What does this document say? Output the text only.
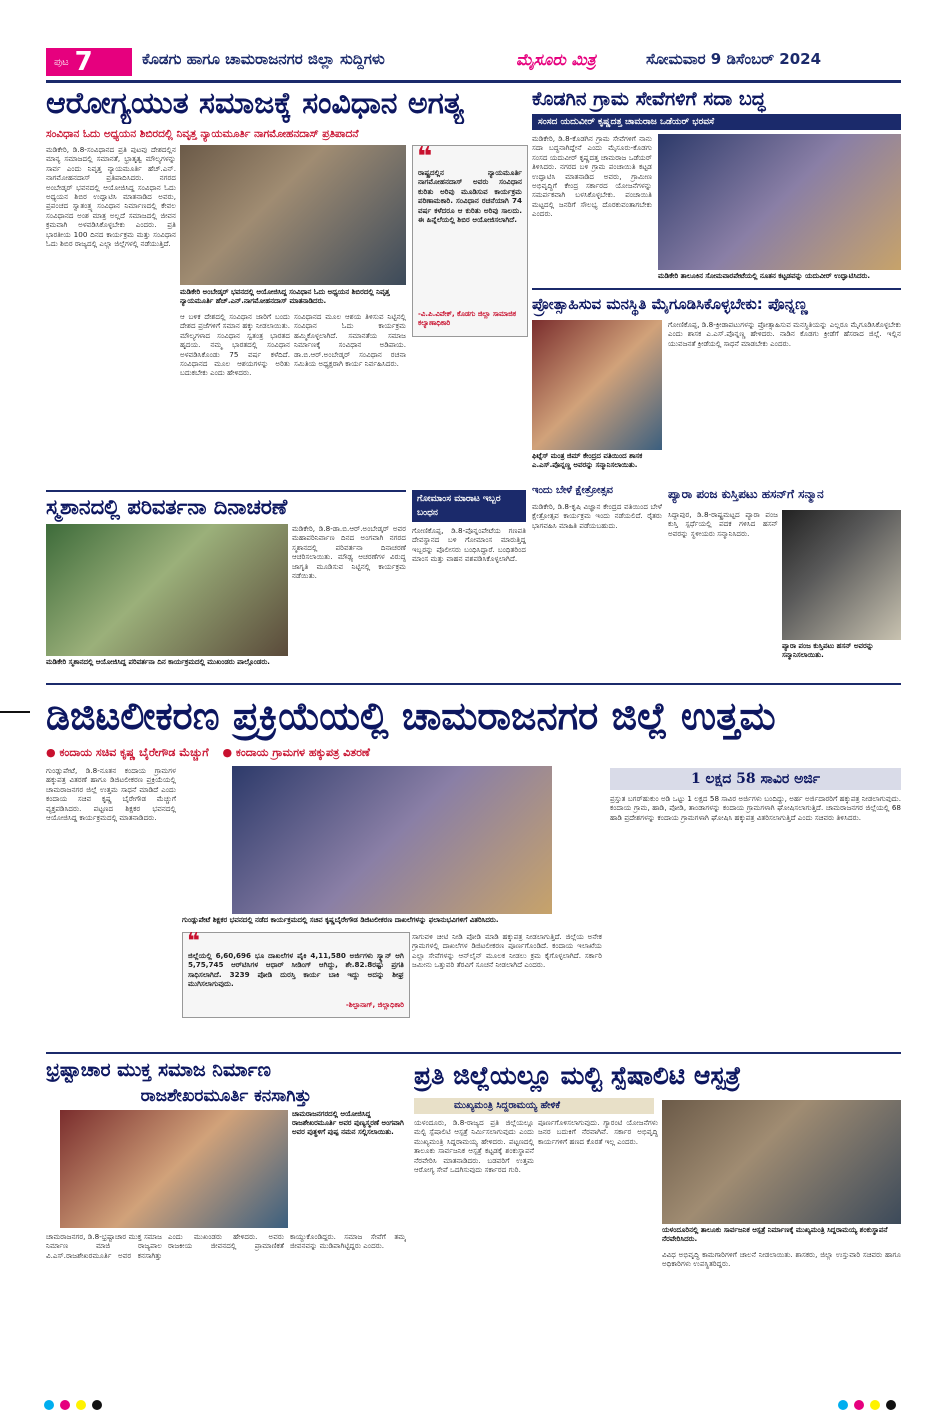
ಪುಟ 7	ಕೊಡಗು ಹಾಗೂ ಚಾಮರಾಜನಗರ ಜಿಲ್ಲಾ ಸುದ್ದಿಗಳು	ಮೈಸೂರು ಮಿತ್ರ	ಸೋಮವಾರ 9 ಡಿಸೆಂಬರ್ 2024
ಆರೋಗ್ಯಯುತ ಸಮಾಜಕ್ಕೆ ಸಂವಿಧಾನ ಅಗತ್ಯ
ಸಂವಿಧಾನ ಓದು ಅಧ್ಯಯನ ಶಿಬಿರದಲ್ಲಿ ನಿವೃತ್ತ ನ್ಯಾಯಮೂರ್ತಿ ನಾಗಮೋಹನದಾಸ್ ಪ್ರತಿಪಾದನೆ
ಮಡಿಕೇರಿ, ಡಿ.8-ಸಂವಿಧಾನದ ಪ್ರತಿ ಪುಟವು ದೇಶದಲ್ಲಿನ ಮಾನ್ಯ ಸಮಾಜದಲ್ಲಿ ಸಮಾನತೆ, ಭ್ರಾತೃತ್ವ ಮೌಲ್ಯಗಳನ್ನು ಸಾರ್ವ ಎಂದು ನಿವೃತ್ತ ನ್ಯಾಯಮೂರ್ತಿ ಹೆಚ್.ಎನ್. ನಾಗಮೋಹನದಾಸ್ ಪ್ರತಿಪಾದಿಸಿದರು. ನಗರದ ಅಂಬೇಡ್ಕರ್ ಭವನದಲ್ಲಿ ಆಯೋಜಿಸಿದ್ದ ಸಂವಿಧಾನ ಓದು ಅಧ್ಯಯನ ಶಿಬಿರ ಉದ್ಘಾಟಿಸಿ ಮಾತನಾಡಿದ ಅವರು, ಪ್ರಪಂಚದ ಸ್ವಾತಂತ್ರ್ಯ ಸಂವಿಧಾನ ನಿರ್ಮಾಣದಲ್ಲಿ ಕೇವಲ ಸಂವಿಧಾನದ ಅಂಶ ಮಾತ್ರ ಅಲ್ಲದೆ ಸಮಾಜದಲ್ಲಿ ಜೀವನ ಕ್ರಮವಾಗಿ ಅಳವಡಿಸಿಕೊಳ್ಳಬೇಕು ಎಂದರು. ಪ್ರತಿ ಭಾರತೀಯ 100 ದಿನದ ಕಾರ್ಯಕ್ರಮ ಮತ್ತು ಸಂವಿಧಾನ ಓದು ಶಿಬಿರ ರಾಜ್ಯದಲ್ಲಿ ಎಲ್ಲಾ ಜಿಲ್ಲೆಗಳಲ್ಲಿ ನಡೆಯುತ್ತಿದೆ.
ಮಡಿಕೇರಿ ಅಂಬೇಡ್ಕರ್ ಭವನದಲ್ಲಿ ಆಯೋಜಿಸಿದ್ದ ಸಂವಿಧಾನ ಓದು ಅಧ್ಯಯನ ಶಿಬಿರದಲ್ಲಿ ನಿವೃತ್ತ ನ್ಯಾಯಮೂರ್ತಿ ಹೆಚ್.ಎನ್.ನಾಗಮೋಹನದಾಸ್ ಮಾತನಾಡಿದರು.
ಆ ಬಳಿಕ ದೇಶದಲ್ಲಿ ಸಂವಿಧಾನ ಜಾರಿಗೆ ಬಂದು ದೇಶದ ಪ್ರಜೆಗಳಿಗೆ ಸಮಾನ ಹಕ್ಕು ನೀಡಲಾಯಿತು. ಮೌಲ್ಯಗಳಾದ ಸಂವಿಧಾನ ಸ್ವತಂತ್ರ ಭಾರತದ ಹೃದಯ. ನಮ್ಮ ಭಾರತದಲ್ಲಿ ಸಂವಿಧಾನ ಅಳವಡಿಸಿಕೊಂಡು 75 ವರ್ಷ ಕಳೆದಿದೆ. ಸಂವಿಧಾನದ ಮೂಲ ಆಶಯಗಳನ್ನು ಅರಿತು ಬದುಕಬೇಕು ಎಂದು ಹೇಳಿದರು.
ಸಂವಿಧಾನದ ಮೂಲ ಆಶಯ ತಿಳಿಸುವ ನಿಟ್ಟಿನಲ್ಲಿ ಸಂವಿಧಾನ ಓದು ಕಾರ್ಯಕ್ರಮ ಹಮ್ಮಿಕೊಳ್ಳಲಾಗಿದೆ. ಸಮಾನತೆಯ ಸಮಾಜ ನಿರ್ಮಾಣಕ್ಕೆ ಸಂವಿಧಾನ ಅಡಿಪಾಯ. ಡಾ.ಬಿ.ಆರ್.ಅಂಬೇಡ್ಕರ್ ಸಂವಿಧಾನ ರಚನಾ ಸಮಿತಿಯ ಅಧ್ಯಕ್ಷರಾಗಿ ಕಾರ್ಯ ನಿರ್ವಹಿಸಿದರು.
❝
ರಾಷ್ಟ್ರದಲ್ಲಿನ ನ್ಯಾಯಮೂರ್ತಿ ನಾಗಮೋಹನದಾಸ್ ಅವರು ಸಂವಿಧಾನ ಕುರಿತು ಅರಿವು ಮೂಡಿಸುವ ಕಾರ್ಯಕ್ರಮ ಪರಿಣಾಮಕಾರಿ. ಸಂವಿಧಾನ ರಚನೆಯಾಗಿ 74 ವರ್ಷ ಕಳೆದರೂ ಆ ಕುರಿತು ಅರಿವು ಸಾಲದು. ಈ ಹಿನ್ನೆಲೆಯಲ್ಲಿ ಶಿಬಿರ ಆಯೋಜಿಸಲಾಗಿದೆ.
-ವಿ.ಪಿ.ವಿವೇಕ್, ಕೊಡಗು ಜಿಲ್ಲಾ ಸಾಮಾಜಿಕ ಕಲ್ಯಾಣಾಧಿಕಾರಿ
ಕೊಡಗಿನ ಗ್ರಾಮ ಸೇವೆಗಳಿಗೆ ಸದಾ ಬದ್ಧ
ಸಂಸದ ಯದುವೀರ್ ಕೃಷ್ಣದತ್ತ ಚಾಮರಾಜ ಒಡೆಯರ್ ಭರವಸೆ
ಮಡಿಕೇರಿ, ಡಿ.8-ಕೊಡಗಿನ ಗ್ರಾಮ ಸೇವೆಗಳಿಗೆ ನಾನು ಸದಾ ಬದ್ಧನಾಗಿದ್ದೇನೆ ಎಂದು ಮೈಸೂರು-ಕೊಡಗು ಸಂಸದ ಯದುವೀರ್ ಕೃಷ್ಣದತ್ತ ಚಾಮರಾಜ ಒಡೆಯರ್ ತಿಳಿಸಿದರು. ನಗರದ ಬಳಿ ಗ್ರಾಮ ಪಂಚಾಯಿತಿ ಕಟ್ಟಡ ಉದ್ಘಾಟಿಸಿ ಮಾತನಾಡಿದ ಅವರು, ಗ್ರಾಮೀಣ ಅಭಿವೃದ್ಧಿಗೆ ಕೇಂದ್ರ ಸರ್ಕಾರದ ಯೋಜನೆಗಳನ್ನು ಸಮರ್ಪಕವಾಗಿ ಬಳಸಿಕೊಳ್ಳಬೇಕು. ಪಂಚಾಯಿತಿ ಮಟ್ಟದಲ್ಲಿ ಜನರಿಗೆ ಸೌಲಭ್ಯ ದೊರಕುವಂತಾಗಬೇಕು ಎಂದರು.
ಮಡಿಕೇರಿ ತಾಲೂಕಿನ ಸೋಮವಾರಪೇಟೆಯಲ್ಲಿ ನೂತನ ಕಟ್ಟಡವನ್ನು ಯದುವೀರ್ ಉದ್ಘಾಟಿಸಿದರು.
ಪ್ರೋತ್ಸಾಹಿಸುವ ಮನಸ್ಥಿತಿ ಮೈಗೂಡಿಸಿಕೊಳ್ಳಬೇಕು: ಪೊನ್ನಣ್ಣ
ಫಿಟ್ನೆಸ್ ಮಂತ್ರ ಜಿಮ್ ಕೇಂದ್ರದ ವತಿಯಿಂದ ಶಾಸಕ ಎ.ಎಸ್.ಪೊನ್ನಣ್ಣ ಅವರನ್ನು ಸನ್ಮಾನಿಸಲಾಯಿತು.
ಗೋಣಿಕೊಪ್ಪ, ಡಿ.8-ಕ್ರೀಡಾಪಟುಗಳನ್ನು ಪ್ರೋತ್ಸಾಹಿಸುವ ಮನಸ್ಥಿತಿಯನ್ನು ಎಲ್ಲರೂ ಮೈಗೂಡಿಸಿಕೊಳ್ಳಬೇಕು ಎಂದು ಶಾಸಕ ಎ.ಎಸ್.ಪೊನ್ನಣ್ಣ ಹೇಳಿದರು. ನಾಡಿನ ಕೊಡಗು ಕ್ರೀಡೆಗೆ ಹೆಸರಾದ ಜಿಲ್ಲೆ. ಇಲ್ಲಿನ ಯುವಜನತೆ ಕ್ರೀಡೆಯಲ್ಲಿ ಸಾಧನೆ ಮಾಡಬೇಕು ಎಂದರು.
ಸ್ಮಶಾನದಲ್ಲಿ ಪರಿವರ್ತನಾ ದಿನಾಚರಣೆ
ಮಡಿಕೇರಿ ಸ್ಮಶಾನದಲ್ಲಿ ಆಯೋಜಿಸಿದ್ದ ಪರಿವರ್ತನಾ ದಿನ ಕಾರ್ಯಕ್ರಮದಲ್ಲಿ ಮುಖಂಡರು ಪಾಲ್ಗೊಂಡರು.
ಮಡಿಕೇರಿ, ಡಿ.8-ಡಾ.ಬಿ.ಆರ್.ಅಂಬೇಡ್ಕರ್ ಅವರ ಮಹಾಪರಿನಿರ್ವಾಣ ದಿನದ ಅಂಗವಾಗಿ ನಗರದ ಸ್ಮಶಾನದಲ್ಲಿ ಪರಿವರ್ತನಾ ದಿನಾಚರಣೆ ಆಚರಿಸಲಾಯಿತು. ಮೌಢ್ಯ ಆಚರಣೆಗಳ ವಿರುದ್ಧ ಜಾಗೃತಿ ಮೂಡಿಸುವ ನಿಟ್ಟಿನಲ್ಲಿ ಕಾರ್ಯಕ್ರಮ ನಡೆಯಿತು.
ಗೋಮಾಂಸ ಮಾರಾಟ ಇಬ್ಬರ ಬಂಧನ
ಗೋಣಿಕೊಪ್ಪ, ಡಿ.8-ಪೊನ್ನಂಪೇಟೆಯ ಗಣಪತಿ ದೇವಸ್ಥಾನದ ಬಳಿ ಗೋಮಾಂಸ ಮಾರುತ್ತಿದ್ದ ಇಬ್ಬರನ್ನು ಪೊಲೀಸರು ಬಂಧಿಸಿದ್ದಾರೆ. ಬಂಧಿತರಿಂದ ಮಾಂಸ ಮತ್ತು ವಾಹನ ವಶಪಡಿಸಿಕೊಳ್ಳಲಾಗಿದೆ.
ಇಂದು ಬೇಳೆ ಕ್ಷೇತ್ರೋತ್ಸವ
ಮಡಿಕೇರಿ, ಡಿ.8-ಕೃಷಿ ವಿಜ್ಞಾನ ಕೇಂದ್ರದ ವತಿಯಿಂದ ಬೇಳೆ ಕ್ಷೇತ್ರೋತ್ಸವ ಕಾರ್ಯಕ್ರಮ ಇಂದು ನಡೆಯಲಿದೆ. ರೈತರು ಭಾಗವಹಿಸಿ ಮಾಹಿತಿ ಪಡೆಯಬಹುದು.
ಪ್ಯಾರಾ ಪಂಜ ಕುಸ್ತಿಪಟು ಹಸನ್‌ಗೆ ಸನ್ಮಾನ
ಸಿದ್ದಾಪುರ, ಡಿ.8-ರಾಷ್ಟ್ರಮಟ್ಟದ ಪ್ಯಾರಾ ಪಂಜ ಕುಸ್ತಿ ಸ್ಪರ್ಧೆಯಲ್ಲಿ ಪದಕ ಗಳಿಸಿದ ಹಸನ್ ಅವರನ್ನು ಸ್ಥಳೀಯರು ಸನ್ಮಾನಿಸಿದರು.
ಪ್ಯಾರಾ ಪಂಜ ಕುಸ್ತಿಪಟು ಹಸನ್ ಅವರನ್ನು ಸನ್ಮಾನಿಸಲಾಯಿತು.
ಡಿಜಿಟಲೀಕರಣ ಪ್ರಕ್ರಿಯೆಯಲ್ಲಿ ಚಾಮರಾಜನಗರ ಜಿಲ್ಲೆ ಉತ್ತಮ
● ಕಂದಾಯ ಸಚಿವ ಕೃಷ್ಣ ಬೈರೇಗೌಡ ಮೆಚ್ಚುಗೆ ● ಕಂದಾಯ ಗ್ರಾಮಗಳ ಹಕ್ಕುಪತ್ರ ವಿತರಣೆ
ಗುಂಡ್ಲುಪೇಟೆ, ಡಿ.8-ನೂತನ ಕಂದಾಯ ಗ್ರಾಮಗಳ ಹಕ್ಕುಪತ್ರ ವಿತರಣೆ ಹಾಗೂ ಡಿಜಿಟಲೀಕರಣ ಪ್ರಕ್ರಿಯೆಯಲ್ಲಿ ಚಾಮರಾಜನಗರ ಜಿಲ್ಲೆ ಉತ್ತಮ ಸಾಧನೆ ಮಾಡಿದೆ ಎಂದು ಕಂದಾಯ ಸಚಿವ ಕೃಷ್ಣ ಬೈರೇಗೌಡ ಮೆಚ್ಚುಗೆ ವ್ಯಕ್ತಪಡಿಸಿದರು. ಪಟ್ಟಣದ ಶಿಕ್ಷಕರ ಭವನದಲ್ಲಿ ಆಯೋಜಿಸಿದ್ದ ಕಾರ್ಯಕ್ರಮದಲ್ಲಿ ಮಾತನಾಡಿದರು.
ಗುಂಡ್ಲುಪೇಟೆ ಶಿಕ್ಷಕರ ಭವನದಲ್ಲಿ ನಡೆದ ಕಾರ್ಯಕ್ರಮದಲ್ಲಿ ಸಚಿವ ಕೃಷ್ಣಬೈರೇಗೌಡ ಡಿಜಿಟಲೀಕರಣ ದಾಖಲೆಗಳನ್ನು ಫಲಾನುಭವಿಗಳಿಗೆ ವಿತರಿಸಿದರು.
❝
ಜಿಲ್ಲೆಯಲ್ಲಿ 6,60,696 ಭೂ ದಾಖಲೆಗಳ ಪೈಕಿ 4,11,580 ಅರ್ಜಿಗಳು ಸ್ಕ್ಯಾನ್ ಆಗಿ 5,75,745 ಆರ್‌ಟಿಸಿಗಳ ಆಧಾರ್ ಸೀಡಿಂಗ್ ಆಗಿದ್ದು, ಶೇ.82.8ರಷ್ಟು ಪ್ರಗತಿ ಸಾಧಿಸಲಾಗಿದೆ. 3239 ಪೋಡಿ ದುರಸ್ತಿ ಕಾರ್ಯ ಬಾಕಿ ಇದ್ದು ಅದನ್ನು ಶೀಘ್ರ ಮುಗಿಸಲಾಗುವುದು.
-ಶಿಲ್ಪಾನಾಗ್, ಜಿಲ್ಲಾಧಿಕಾರಿ
ಸಾಗುವಳಿ ಚೀಟಿ ನೀಡಿ ಪೋಡಿ ಮಾಡಿ ಹಕ್ಕುಪತ್ರ ನೀಡಲಾಗುತ್ತಿದೆ. ಜಿಲ್ಲೆಯ ಅನೇಕ ಗ್ರಾಮಗಳಲ್ಲಿ ದಾಖಲೆಗಳ ಡಿಜಿಟಲೀಕರಣ ಪೂರ್ಣಗೊಂಡಿದೆ. ಕಂದಾಯ ಇಲಾಖೆಯ ಎಲ್ಲಾ ಸೇವೆಗಳನ್ನು ಆನ್‌ಲೈನ್ ಮೂಲಕ ನೀಡಲು ಕ್ರಮ ಕೈಗೊಳ್ಳಲಾಗಿದೆ. ಸರ್ಕಾರಿ ಜಮೀನು ಒತ್ತುವರಿ ತೆರವಿಗೆ ಸೂಚನೆ ನೀಡಲಾಗಿದೆ ಎಂದರು.
1 ಲಕ್ಷದ 58 ಸಾವಿರ ಅರ್ಜಿ
ಪ್ರಸ್ತುತ ಬಗರ್‌ಹುಕುಂ ಅಡಿ ಒಟ್ಟು 1 ಲಕ್ಷದ 58 ಸಾವಿರ ಅರ್ಜಿಗಳು ಬಂದಿದ್ದು, ಅರ್ಹ ಅರ್ಜಿದಾರರಿಗೆ ಹಕ್ಕುಪತ್ರ ನೀಡಲಾಗುವುದು. ಕಂದಾಯ ಗ್ರಾಮ, ಹಾಡಿ, ಪೋಡಿ, ತಾಂಡಾಗಳನ್ನು ಕಂದಾಯ ಗ್ರಾಮಗಳಾಗಿ ಘೋಷಿಸಲಾಗುತ್ತಿದೆ. ಚಾಮರಾಜನಗರ ಜಿಲ್ಲೆಯಲ್ಲಿ 68 ಹಾಡಿ ಪ್ರದೇಶಗಳನ್ನು ಕಂದಾಯ ಗ್ರಾಮಗಳಾಗಿ ಘೋಷಿಸಿ ಹಕ್ಕುಪತ್ರ ವಿತರಿಸಲಾಗುತ್ತಿದೆ ಎಂದು ಸಚಿವರು ತಿಳಿಸಿದರು.
ಭ್ರಷ್ಟಾಚಾರ ಮುಕ್ತ ಸಮಾಜ ನಿರ್ಮಾಣ
ರಾಜಶೇಖರಮೂರ್ತಿ ಕನಸಾಗಿತ್ತು
ಚಾಮರಾಜನಗರದಲ್ಲಿ ಆಯೋಜಿಸಿದ್ದ ರಾಜಶೇಖರಮೂರ್ತಿ ಅವರ ಪುಣ್ಯಸ್ಮರಣೆ ಅಂಗವಾಗಿ ಅವರ ಪುತ್ಥಳಿಗೆ ಪುಷ್ಪ ನಮನ ಸಲ್ಲಿಸಲಾಯಿತು.
ಚಾಮರಾಜನಗರ, ಡಿ.8-ಭ್ರಷ್ಟಾಚಾರ ಮುಕ್ತ ಸಮಾಜ ನಿರ್ಮಾಣ ಮಾಜಿ ರಾಜ್ಯಪಾಲ ವಿ.ಎಸ್.ರಾಜಶೇಖರಮೂರ್ತಿ ಅವರ ಕನಸಾಗಿತ್ತು ಎಂದು ಮುಖಂಡರು ಹೇಳಿದರು. ಅವರು ರಾಜಕೀಯ ಜೀವನದಲ್ಲಿ ಪ್ರಾಮಾಣಿಕತೆ ಕಾಯ್ದುಕೊಂಡಿದ್ದರು. ಸಮಾಜ ಸೇವೆಗೆ ತಮ್ಮ ಜೀವನವನ್ನು ಮುಡಿಪಾಗಿಟ್ಟಿದ್ದರು ಎಂದರು.
ಪ್ರತಿ ಜಿಲ್ಲೆಯಲ್ಲೂ ಮಲ್ಟಿ ಸ್ಪೆಷಾಲಿಟಿ ಆಸ್ಪತ್ರೆ
ಮುಖ್ಯಮಂತ್ರಿ ಸಿದ್ದರಾಮಯ್ಯ ಹೇಳಿಕೆ
ಯಳಂದೂರು, ಡಿ.8-ರಾಜ್ಯದ ಪ್ರತಿ ಜಿಲ್ಲೆಯಲ್ಲೂ ಮಲ್ಟಿ ಸ್ಪೆಷಾಲಿಟಿ ಆಸ್ಪತ್ರೆ ನಿರ್ಮಿಸಲಾಗುವುದು ಎಂದು ಮುಖ್ಯಮಂತ್ರಿ ಸಿದ್ದರಾಮಯ್ಯ ಹೇಳಿದರು. ಪಟ್ಟಣದಲ್ಲಿ ತಾಲೂಕು ಸಾರ್ವಜನಿಕ ಆಸ್ಪತ್ರೆ ಕಟ್ಟಡಕ್ಕೆ ಶಂಕುಸ್ಥಾಪನೆ ನೆರವೇರಿಸಿ ಮಾತನಾಡಿದರು. ಬಡವರಿಗೆ ಉತ್ತಮ ಆರೋಗ್ಯ ಸೇವೆ ಒದಗಿಸುವುದು ಸರ್ಕಾರದ ಗುರಿ.
ಪೂರ್ಣಗೊಳಿಸಲಾಗುವುದು. ಗ್ಯಾರಂಟಿ ಯೋಜನೆಗಳು ಜನರ ಬದುಕಿಗೆ ನೆರವಾಗಿವೆ. ಸರ್ಕಾರ ಅಭಿವೃದ್ಧಿ ಕಾರ್ಯಗಳಿಗೆ ಹಣದ ಕೊರತೆ ಇಲ್ಲ ಎಂದರು.
ಯಳಂದೂರಿನಲ್ಲಿ ತಾಲೂಕು ಸಾರ್ವಜನಿಕ ಆಸ್ಪತ್ರೆ ನಿರ್ಮಾಣಕ್ಕೆ ಮುಖ್ಯಮಂತ್ರಿ ಸಿದ್ದರಾಮಯ್ಯ ಶಂಕುಸ್ಥಾಪನೆ ನೆರವೇರಿಸಿದರು.
ವಿವಿಧ ಅಭಿವೃದ್ಧಿ ಕಾಮಗಾರಿಗಳಿಗೆ ಚಾಲನೆ ನೀಡಲಾಯಿತು. ಶಾಸಕರು, ಜಿಲ್ಲಾ ಉಸ್ತುವಾರಿ ಸಚಿವರು ಹಾಗೂ ಅಧಿಕಾರಿಗಳು ಉಪಸ್ಥಿತರಿದ್ದರು.
